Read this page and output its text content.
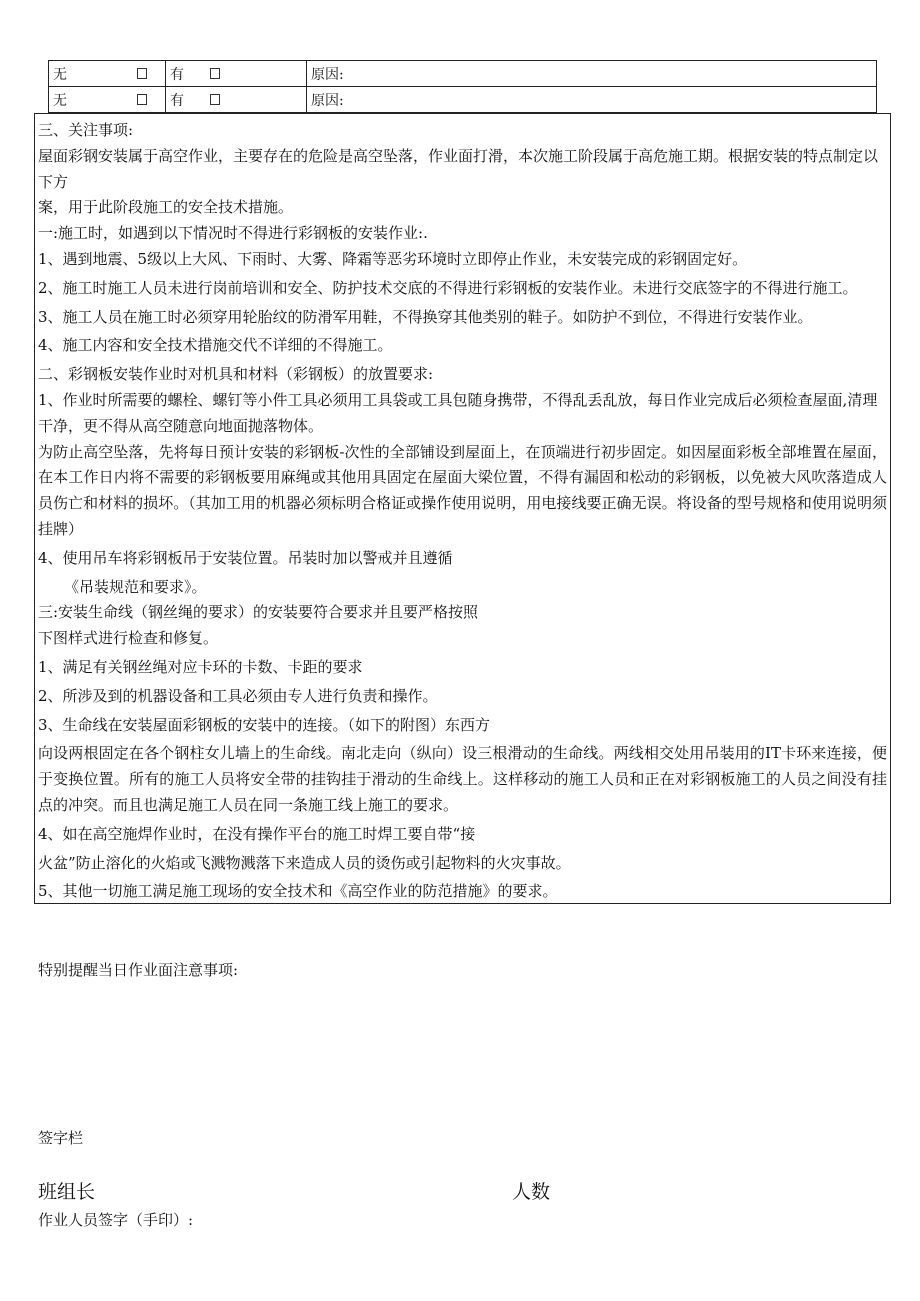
无	有	原因:

无	有	原因:

三、关注事项:

屋面彩钢安装属于高空作业，主要存在的危险是高空坠落，作业面打滑，本次施工阶段属于高危施工期。根据安装的特点制定以下方

案，用于此阶段施工的安全技术措施。

一:施工时，如遇到以下情况时不得进行彩钢板的安装作业:.

1、遇到地震、5级以上大风、下雨时、大雾、降霜等恶劣环境时立即停止作业，未安装完成的彩钢固定好。

2、施工时施工人员未进行岗前培训和安全、防护技术交底的不得进行彩钢板的安装作业。未进行交底签字的不得进行施工。

3、施工人员在施工时必须穿用轮胎纹的防滑军用鞋，不得换穿其他类别的鞋子。如防护不到位，不得进行安装作业。

4、施工内容和安全技术措施交代不详细的不得施工。

二、彩钢板安装作业时对机具和材料（彩钢板）的放置要求:

1、作业时所需要的螺栓、螺钉等小件工具必须用工具袋或工具包随身携带，不得乱丢乱放，每日作业完成后必须检查屋面,清理干净，更不得从高空随意向地面抛落物体。

为防止高空坠落，先将每日预计安装的彩钢板-次性的全部铺设到屋面上，在顶端进行初步固定。如因屋面彩板全部堆置在屋面，在本工作日内将不需要的彩钢板要用麻绳或其他用具固定在屋面大梁位置，不得有漏固和松动的彩钢板，以免被大风吹落造成人员伤亡和材料的损坏。（其加工用的机器必须标明合格证或操作使用说明，用电接线要正确无误。将设备的型号规格和使用说明须挂牌）

4、使用吊车将彩钢板吊于安装位置。吊装时加以警戒并且遵循

《吊装规范和要求》。

三:安装生命线（钢丝绳的要求）的安装要符合要求并且要严格按照

下图样式进行检查和修复。

1、满足有关钢丝绳对应卡环的卡数、卡距的要求

2、所涉及到的机器设备和工具必须由专人进行负责和操作。

3、生命线在安装屋面彩钢板的安装中的连接。（如下的附图）东西方

向设两根固定在各个钢柱女儿墙上的生命线。南北走向（纵向）设三根滑动的生命线。两线相交处用吊装用的IT卡环来连接，便于变换位置。所有的施工人员将安全带的挂钩挂于滑动的生命线上。这样移动的施工人员和正在对彩钢板施工的人员之间没有挂点的冲突。而且也满足施工人员在同一条施工线上施工的要求。

4、如在高空施焊作业时，在没有操作平台的施工时焊工要自带“接

火盆”防止溶化的火焰或飞溅物溅落下来造成人员的烫伤或引起物料的火灾事故。

5、其他一切施工满足施工现场的安全技术和《高空作业的防范措施》的要求。

特别提醒当日作业面注意事项:
签字栏
班组长	人数
作业人员签字（手印）:
